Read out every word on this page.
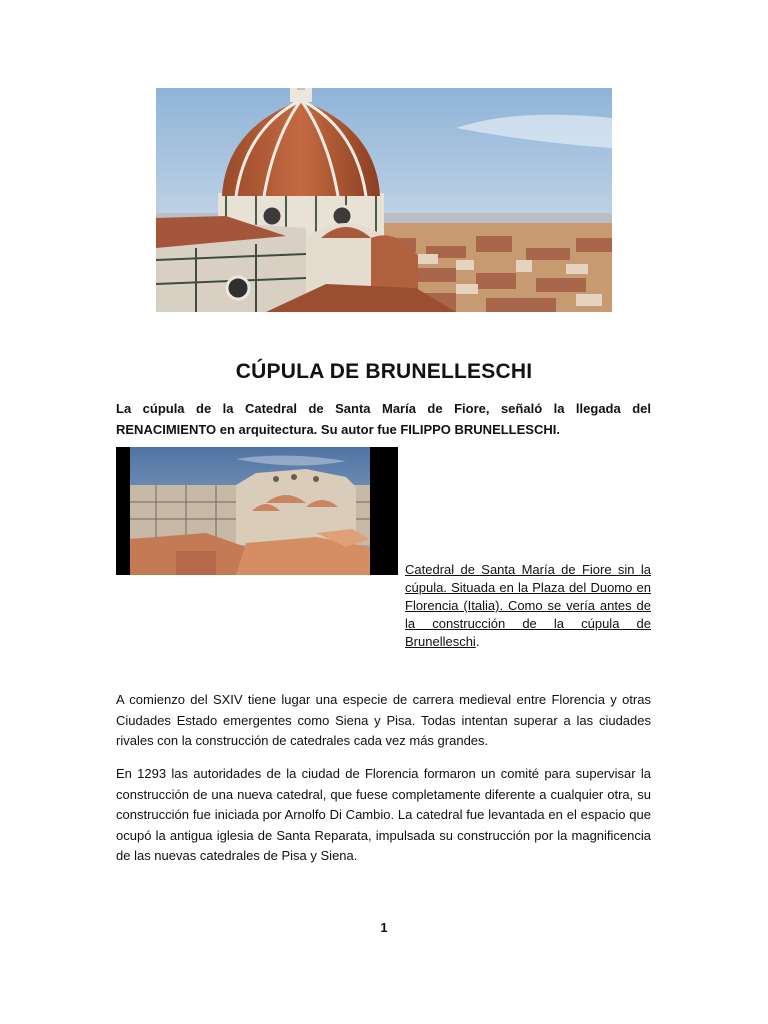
CÚPULA DE BRUNELLESCHI
La cúpula de la Catedral de Santa María de Fiore, señaló la llegada del RENACIMIENTO en arquitectura. Su autor fue FILIPPO BRUNELLESCHI.
Catedral de Santa María de Fiore sin la cúpula. Situada en la Plaza del Duomo en Florencia (Italia). Como se vería antes de la construcción de la cúpula de Brunelleschi.
A comienzo del SXIV tiene lugar una especie de carrera medieval entre Florencia y otras Ciudades Estado emergentes como Siena y Pisa. Todas intentan superar a las ciudades rivales con la construcción de catedrales cada vez más grandes.
En 1293 las autoridades de la ciudad de Florencia formaron un comité para supervisar la construcción de una nueva catedral, que fuese completamente diferente a cualquier otra, su construcción fue iniciada por Arnolfo Di Cambio. La catedral fue levantada en el espacio que ocupó la antigua iglesia de Santa Reparata, impulsada su construcción por la magnificencia de las nuevas catedrales de Pisa y Siena.
1
